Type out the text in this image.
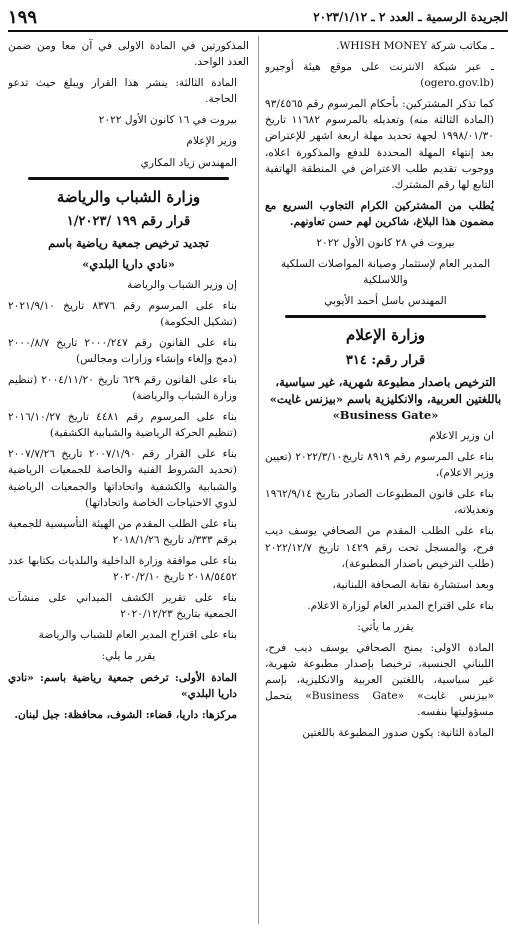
الجريدة الرسمية ـ العدد ٢ ـ ٢٠٢٣/١/١٢
١٩٩

ـ مكاتب شركة WHISH MONEY.

ـ عبر شبكة الانترنت على موقع هيئة أوجيرو (ogero.gov.lb)

كما تذكر المشتركين: بأحكام المرسوم رقم ٩٣/٤٥٦٥ (المادة الثالثة منه) وتعديله بالمرسوم ١١٦٨٢ تاريخ ١٩٩٨/٠١/٣٠ لجهة تحديد مهلة اربعة اشهر للإعتراض بعد إنتهاء المهلة المحددة للدفع والمذكورة اعلاه، ووجوب تقديم طلب الاعتراض في المنطقة الهاتفية التابع لها رقم المشترك.

يُطلب من المشتركين الكرام التجاوب السريع مع مضمون هذا البلاغ، شاكرين لهم حسن تعاونهم.

بيروت في ٢٨ كانون الأول ٢٠٢٢

المدير العام لإستثمار وصيانة المواصلات السلكية واللاسلكية

المهندس باسل أحمد الأيوبي

وزارة الإعلام
قرار رقم: ٣١٤
الترخيص باصدار مطبوعة شهرية، غير سياسية، باللغتين العربية، والانكليزية باسم «بيزنس غايت» «Business Gate»

ان وزير الاعلام

بناء على المرسوم رقم ٨٩١٩ تاريخ٢٠٢٢/٣/١٠ (تعيين وزير الاعلام)،

بناء على قانون المطبوعات الصادر بتاريخ ١٩٦٢/٩/١٤ وتعديلاته،

بناء على الطلب المقدم من الصحافي يوسف ديب فرح، والمسجل تحت رقم ١٤٢٩ تاريخ ٢٠٢٢/١٢/٧ (طلب الترخيص باصدار المطبوعة)،

وبعد استشارة نقابة الصحافة اللبنانية،

بناء على اقتراح المدير العام لوزارة الاعلام.

يقرر ما يأتي:

المادة الاولى: يمنح الصحافي يوسف ديب فرح، اللبناني الجنسية، ترخيصا بإصدار مطبوعة شهرية، غير سياسية، باللغتين العربية والانكليزية، بإسم «بيزنس غايت» «Business Gate» يتحمل مسؤوليتها بنفسه.

المادة الثانية: يكون صدور المطبوعة باللغتين

المذكورتين في المادة الاولى في آن معا ومن ضمن العدد الواحد.

المادة الثالثة: ينشر هذا القرار ويبلغ حيث تدعو الحاجة.

بيروت في ١٦ كانون الأول ٢٠٢٢

وزير الإعلام

المهندس زياد المكاري

وزارة الشباب والرياضة
قرار رقم ١٩٩ /١/٢٠٢٣
تجديد ترخيص جمعية رياضية باسم
«نادي داريا البلدي»

إن وزير الشباب والرياضة

بناء على المرسوم رقم ٨٣٧٦ تاريخ ٢٠٢١/٩/١٠ (تشكيل الحكومة)

بناء على القانون رقم ٢٠٠٠/٢٤٧ تاريخ ٢٠٠٠/٨/٧ (دمج وإلغاء وإنشاء وزارات ومجالس)

بناء على القانون رقم ٦٢٩ تاريخ ٢٠٠٤/١١/٢٠ (تنظيم وزارة الشباب والرياضة)

بناء على المرسوم رقم ٤٤٨١ تاريخ ٢٠١٦/١٠/٢٧ (تنظيم الحركة الرياضية والشبابية الكشفية)

بناء على القرار رقم ٢٠٠٧/١/٩٠ تاريخ ٢٠٠٧/٧/٢٦ (تحديد الشروط الفنية والخاصة للجمعيات الرياضية والشبابية والكشفية واتحاداتها والجمعيات الرياضية لذوي الاحتياجات الخاصة واتحاداتها)

بناء على الطلب المقدم من الهيئة التأسيسية للجمعية برقم ٣٣٣/د تاريخ ٢٠١٨/١/٢٦

بناء على موافقة وزارة الداخلية والبلديات بكتابها عدد ٢٠١٨/٥٤٥٢ تاريخ ٢٠٢٠/٢/١٠

بناء على تقرير الكشف الميداني على منشآت الجمعية بتاريخ ٢٠٢٠/١٢/٢٣

بناء على اقتراح المدير العام للشباب والرياضة

يقرر ما يلي:

المادة الأولى: ترخص جمعية رياضية باسم: «نادي داريا البلدي»

مركزها: داريا، قضاء: الشوف، محافظة: جبل لبنان.
